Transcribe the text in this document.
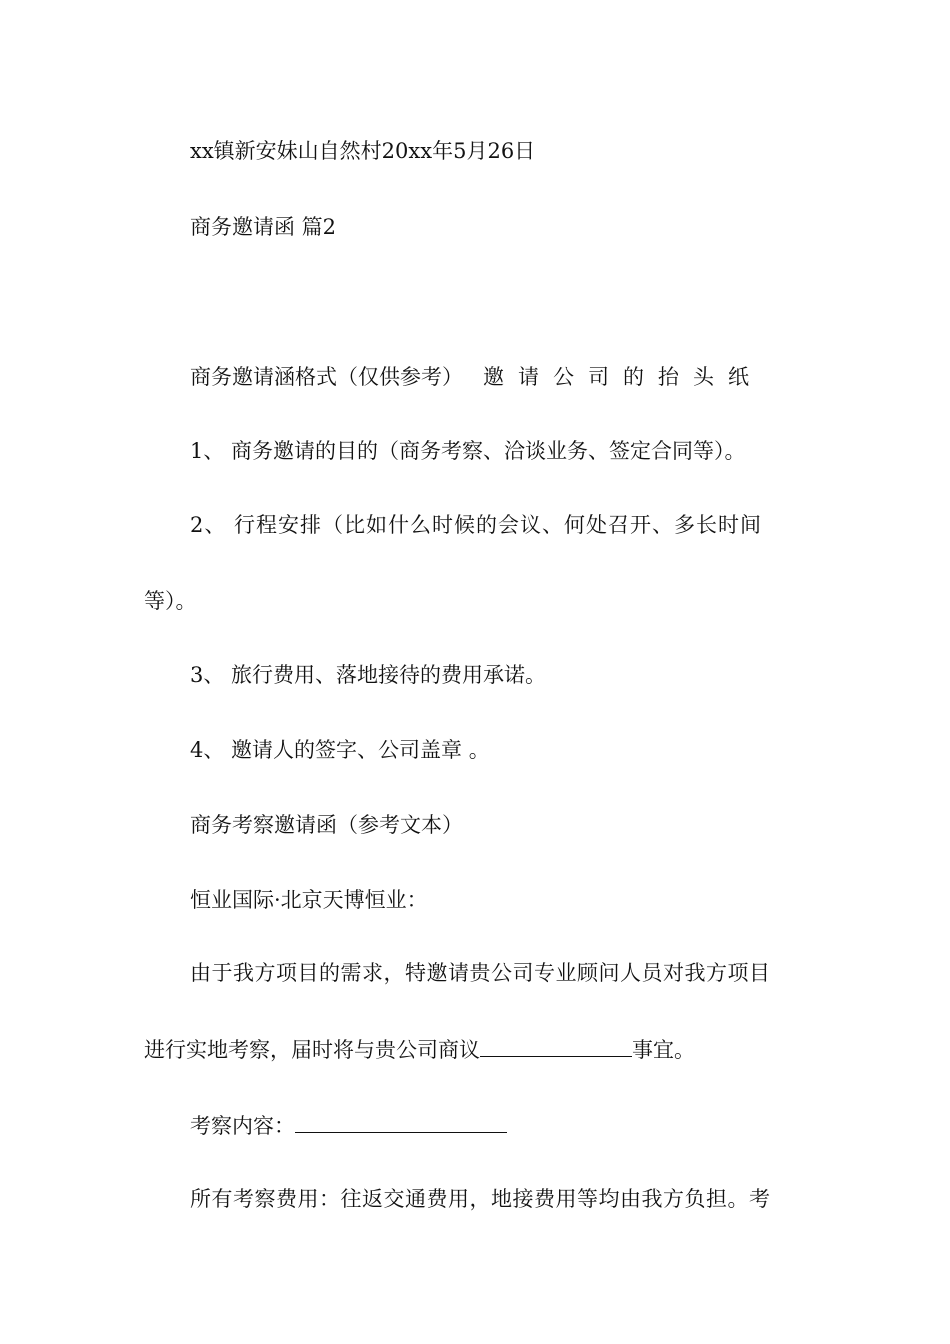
xx镇新安妹山自然村20xx年5月26日
商务邀请函 篇2
商务邀请涵格式（仅供参考） 邀请公司的抬头纸
1、 商务邀请的目的（商务考察、洽谈业务、签定合同等）。
2、 行程安排（比如什么时候的会议、何处召开、多长时间
等）。
3、 旅行费用、落地接待的费用承诺。
4、 邀请人的签字、公司盖章 。
商务考察邀请函（参考文本）
恒业国际·北京天博恒业：
由于我方项目的需求，特邀请贵公司专业顾问人员对我方项目
进行实地考察，届时将与贵公司商议	事宜。
考察内容：
所有考察费用：往返交通费用，地接费用等均由我方负担。考
